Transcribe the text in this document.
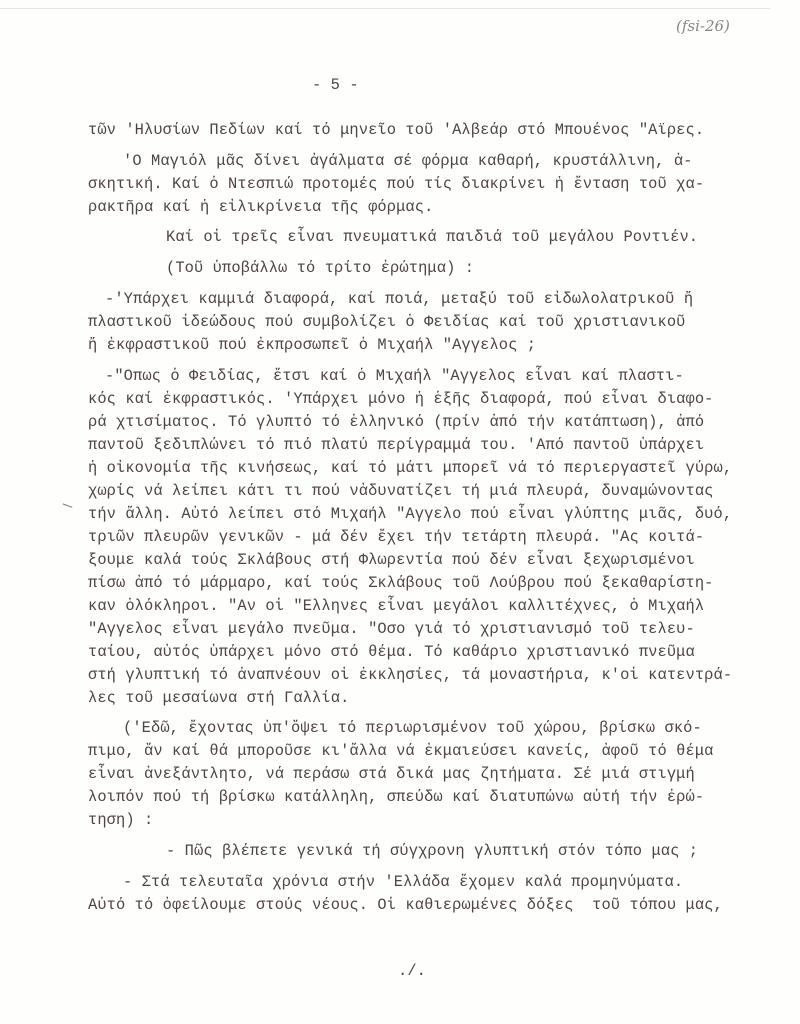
(fsi-26)
- 5 -
τῶν 'Ηλυσίων Πεδίων καί τό μηνεῖο τοῦ 'Αλβεάρ στό Μπουένος "Αϊρες.
'Ο Μαγιόλ μᾶς δίνει ἀγάλματα σέ φόρμα καθαρή, κρυστάλλινη, ἀ-
σκητική. Καί ὁ Ντεσπιώ προτομές πού τίς διακρίνει ἡ ἔνταση τοῦ χα-
ρακτῆρα καί ἡ εἰλικρίνεια τῆς φόρμας.
Καί οἱ τρεῖς εἶναι πνευματικά παιδιά τοῦ μεγάλου Ροντιέν.
(Τοῦ ὑποβάλλω τό τρίτο ἐρώτημα) :
-'Υπάρχει καμμιά διαφορά, καί ποιά, μεταξύ τοῦ εἰδωλολατρικοῦ ἤ
πλαστικοῦ ἰδεώδους πού συμβολίζει ὁ Φειδίας καί τοῦ χριστιανικοῦ
ἤ ἐκφραστικοῦ πού ἐκπροσωπεῖ ὁ Μιχαήλ "Αγγελος ;
-"Οπως ὁ Φειδίας, ἔτσι καί ὁ Μιχαήλ "Αγγελος εἶναι καί πλαστι-
κός καί ἐκφραστικός. 'Υπάρχει μόνο ἡ ἑξῆς διαφορά, πού εἶναι διαφο-
ρά χτισίματος. Τό γλυπτό τό ἑλληνικό (πρίν ἀπό τήν κατάπτωση), ἀπό
παντοῦ ξεδιπλώνει τό πιό πλατύ περίγραμμά του. 'Από παντοῦ ὑπάρχει
ἡ οἰκονομία τῆς κινήσεως, καί τό μάτι μπορεῖ νά τό περιεργαστεῖ γύρω,
χωρίς νά λείπει κάτι τι πού νἀδυνατίζει τή μιά πλευρά, δυναμώνοντας
τήν ἄλλη. Αὐτό λείπει στό Μιχαήλ "Αγγελο πού εἶναι γλύπτης μιᾶς, δυό,
τριῶν πλευρῶν γενικῶν - μά δέν ἔχει τήν τετάρτη πλευρά. "Ας κοιτά-
ξουμε καλά τούς Σκλάβους στή Φλωρεντία πού δέν εἶναι ξεχωρισμένοι
πίσω ἀπό τό μάρμαρο, καί τούς Σκλάβους τοῦ Λούβρου πού ξεκαθαρίστη-
καν ὁλόκληροι. "Αν οἱ "Ελληνες εἶναι μεγάλοι καλλιτέχνες, ὁ Μιχαήλ
"Αγγελος εἶναι μεγάλο πνεῦμα. "Οσο γιά τό χριστιανισμό τοῦ τελευ-
ταίου, αὐτός ὑπάρχει μόνο στό θέμα. Τό καθάριο χριστιανικό πνεῦμα
στή γλυπτική τό ἀναπνέουν οἱ ἐκκλησίες, τά μοναστήρια, κ'οἱ κατεντρά-
λες τοῦ μεσαίωνα στή Γαλλία.
('Εδῶ, ἔχοντας ὑπ'ὄψει τό περιωρισμένον τοῦ χώρου, βρίσκω σκό-
πιμο, ἄν καί θά μποροῦσε κι'ἄλλα νά ἐκμαιεύσει κανείς, ἀφοῦ τό θέμα
εἶναι ἀνεξάντλητο, νά περάσω στά δικά μας ζητήματα. Σέ μιά στιγμή
λοιπόν πού τή βρίσκω κατάλληλη, σπεύδω καί διατυπώνω αὐτή τήν ἐρώ-
τηση) :
- Πῶς βλέπετε γενικά τή σύγχρονη γλυπτική στόν τόπο μας ;
- Στά τελευταῖα χρόνια στήν 'Ελλάδα ἔχομεν καλά προμηνύματα.
Αὐτό τό ὀφείλουμε στούς νέους. Οἱ καθιερωμένες δόξες  τοῦ τόπου μας,
./.
